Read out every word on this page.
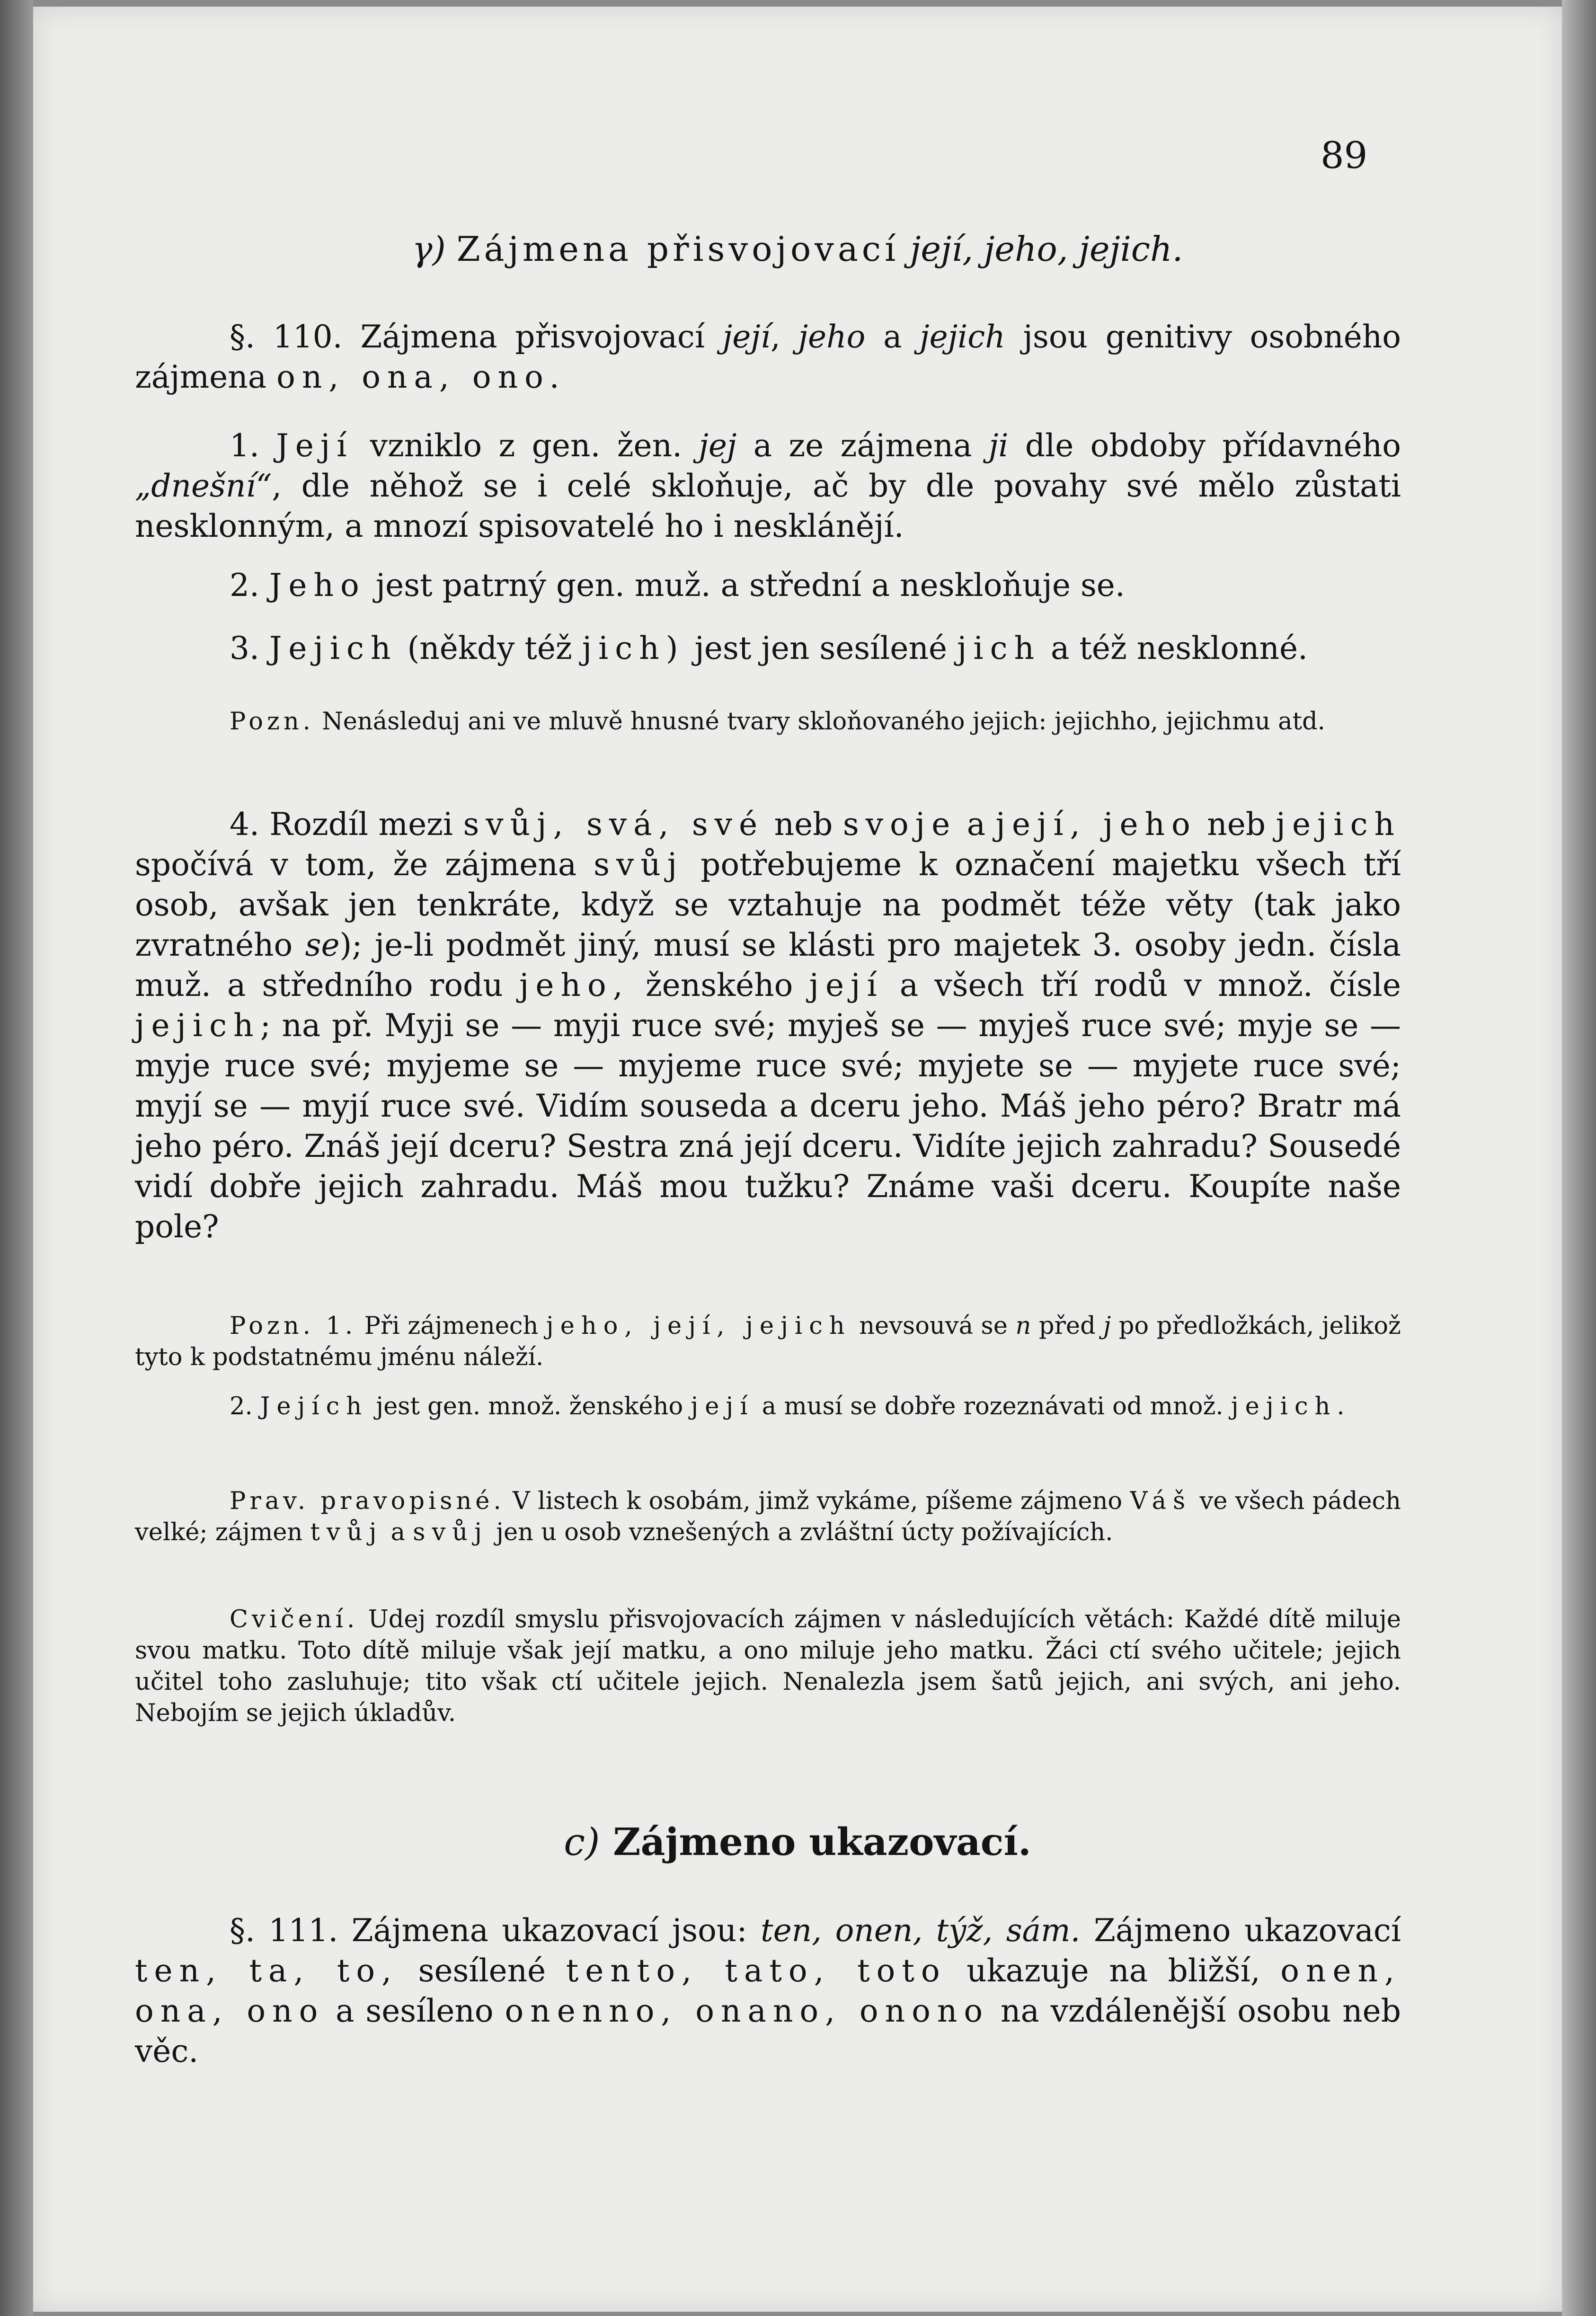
89
γ) Zájmena přisvojovací její, jeho, jejich.

§. 110. Zájmena přisvojovací její, jeho a jejich jsou genitivy osobného zájmena on, ona, ono.

1. Její vzniklo z gen. žen. jej a ze zájmena ji dle obdoby přídavného „dnešní“, dle něhož se i celé skloňuje, ač by dle povahy své mělo zůstati nesklonným, a mnozí spisovatelé ho i nesklánějí.

2. Jeho jest patrný gen. muž. a střední a neskloňuje se.

3. Jejich (někdy též jich) jest jen sesílené jich a též nesklonné.

Pozn. Nenásleduj ani ve mluvě hnusné tvary skloňovaného jejich: jejichho, jejichmu atd.

4. Rozdíl mezi svůj, svá, své neb svoje a její, jeho neb jejich spočívá v tom, že zájmena svůj potřebujeme k označení majetku všech tří osob, avšak jen tenkráte, když se vztahuje na podmět téže věty (tak jako zvratného se); je-li podmět jiný, musí se klásti pro majetek 3. osoby jedn. čísla muž. a středního rodu jeho, ženského její a všech tří rodů v množ. čísle jejich; na př. Myji se — myji ruce své; myješ se — myješ ruce své; myje se — myje ruce své; myjeme se — myjeme ruce své; myjete se — myjete ruce své; myjí se — myjí ruce své. Vidím souseda a dceru jeho. Máš jeho péro? Bratr má jeho péro. Znáš její dceru? Sestra zná její dceru. Vidíte jejich zahradu? Sousedé vidí dobře jejich zahradu. Máš mou tužku? Známe vaši dceru. Koupíte naše pole?

Pozn. 1. Při zájmenech jeho, její, jejich nevsouvá se n před j po předložkách, jelikož tyto k podstatnému jménu náleží.

2. Jejích jest gen. množ. ženského její a musí se dobře rozeznávati od množ. jejich.

Prav. pravopisné. V listech k osobám, jimž vykáme, píšeme zájmeno Váš ve všech pádech velké; zájmen tvůj a svůj jen u osob vznešených a zvláštní úcty požívajících.

Cvičení. Udej rozdíl smyslu přisvojovacích zájmen v následujících větách: Každé dítě miluje svou matku. Toto dítě miluje však její matku, a ono miluje jeho matku. Žáci ctí svého učitele; jejich učitel toho zasluhuje; tito však ctí učitele jejich. Nenalezla jsem šatů jejich, ani svých, ani jeho. Nebojím se jejich úkladův.

c) Zájmeno ukazovací.

§. 111. Zájmena ukazovací jsou: ten, onen, týž, sám. Zájmeno ukazovací ten, ta, to, sesílené tento, tato, toto ukazuje na bližší, onen, ona, ono a sesíleno onenno, onano, onono na vzdálenější osobu neb věc.
